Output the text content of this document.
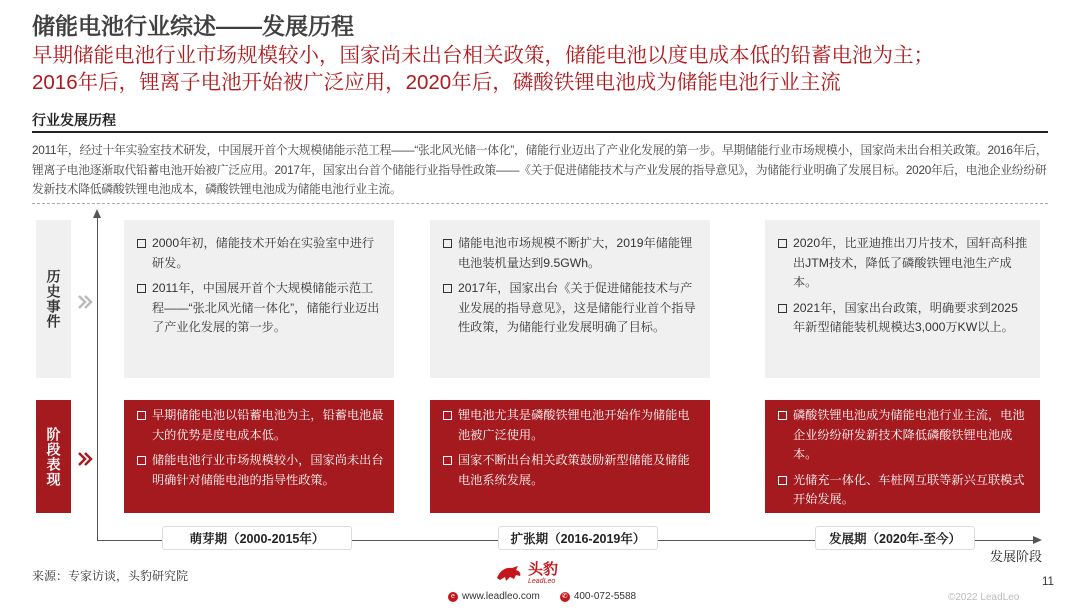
储能电池行业综述——发展历程
早期储能电池行业市场规模较小，国家尚未出台相关政策，储能电池以度电成本低的铅蓄电池为主；
2016年后，锂离子电池开始被广泛应用，2020年后，磷酸铁锂电池成为储能电池行业主流
行业发展历程
2011年，经过十年实验室技术研发，中国展开首个大规模储能示范工程——“张北风光储一体化”，储能行业迈出了产业化发展的第一步。早期储能行业市场规模小，国家尚未出台相关政策。2016年后，锂离子电池逐渐取代铅蓄电池开始被广泛应用。2017年，国家出台首个储能行业指导性政策——《关于促进储能技术与产业发展的指导意见》，为储能行业明确了发展目标。2020年后，电池企业纷纷研发新技术降低磷酸铁锂电池成本，磷酸铁锂电池成为储能电池行业主流。
历史事件
阶段表现
发展阶段
2000年初，储能技术开始在实验室中进行研发。
2011年，中国展开首个大规模储能示范工程——“张北风光储一体化”，储能行业迈出了产业化发展的第一步。
早期储能电池以铅蓄电池为主，铅蓄电池最大的优势是度电成本低。
储能电池行业市场规模较小，国家尚未出台明确针对储能电池的指导性政策。
萌芽期（2000-2015年）
储能电池市场规模不断扩大，2019年储能锂电池装机量达到9.5GWh。
2017年，国家出台《关于促进储能技术与产业发展的指导意见》，这是储能行业首个指导性政策，为储能行业发展明确了目标。
锂电池尤其是磷酸铁锂电池开始作为储能电池被广泛使用。
国家不断出台相关政策鼓励新型储能及储能电池系统发展。
扩张期（2016-2019年）
2020年，比亚迪推出刀片技术，国轩高科推出JTM技术，降低了磷酸铁锂电池生产成本。
2021年，国家出台政策，明确要求到2025年新型储能装机规模达3,000万KW以上。
磷酸铁锂电池成为储能电池行业主流，电池企业纷纷研发新技术降低磷酸铁锂电池成本。
光储充一体化、车桩网互联等新兴互联模式开始发展。
发展期（2020年-至今）
来源：专家访谈，头豹研究院	头豹
LeadLeo
e www.leadleo.com	✆ 400-072-5588
11
©2022 LeadLeo
